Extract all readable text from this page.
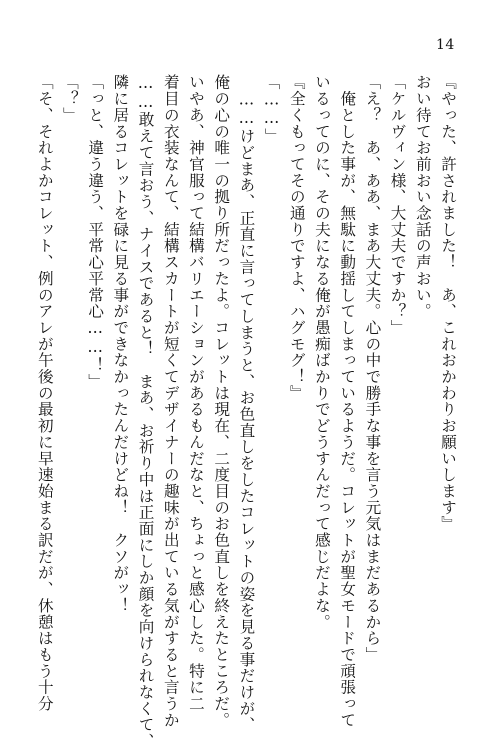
14
『やった、許されました！　あ、これおかわりお願いします』
おい待てお前おい念話の声おい。
「ケルヴィン様、大丈夫ですか？」
「え？　あ、ああ、まあ大丈夫。心の中で勝手な事を言う元気はまだあるから」
　俺とした事が、無駄に動揺してしまっているようだ。コレットが聖女モードで頑張って
いるってのに、その夫になる俺が愚痴ばかりでどうすんだって感じだよな。
『全くもってその通りですよ、ハグモグ！』
「……」
　……けどまあ、正直に言ってしまうと、お色直しをしたコレットの姿を見る事だけが、
俺の心の唯一の拠り所だったよ。コレットは現在、二度目のお色直しを終えたところだ。
いやあ、神官服って結構バリエーションがあるもんだなと、ちょっと感心した。特に二
着目の衣装なんて、結構スカートが短くてデザイナーの趣味が出ている気がすると言うか
……敢えて言おう、ナイスであると！　まあ、お祈り中は正面にしか顔を向けられなくて、
隣に居るコレットを碌に見る事ができなかったんだけどね！　クソがッ！
「っと、違う違う、平常心平常心……！」
「？」
「そ、それよかコレット、例のアレが午後の最初に早速始まる訳だが、休憩はもう十分
